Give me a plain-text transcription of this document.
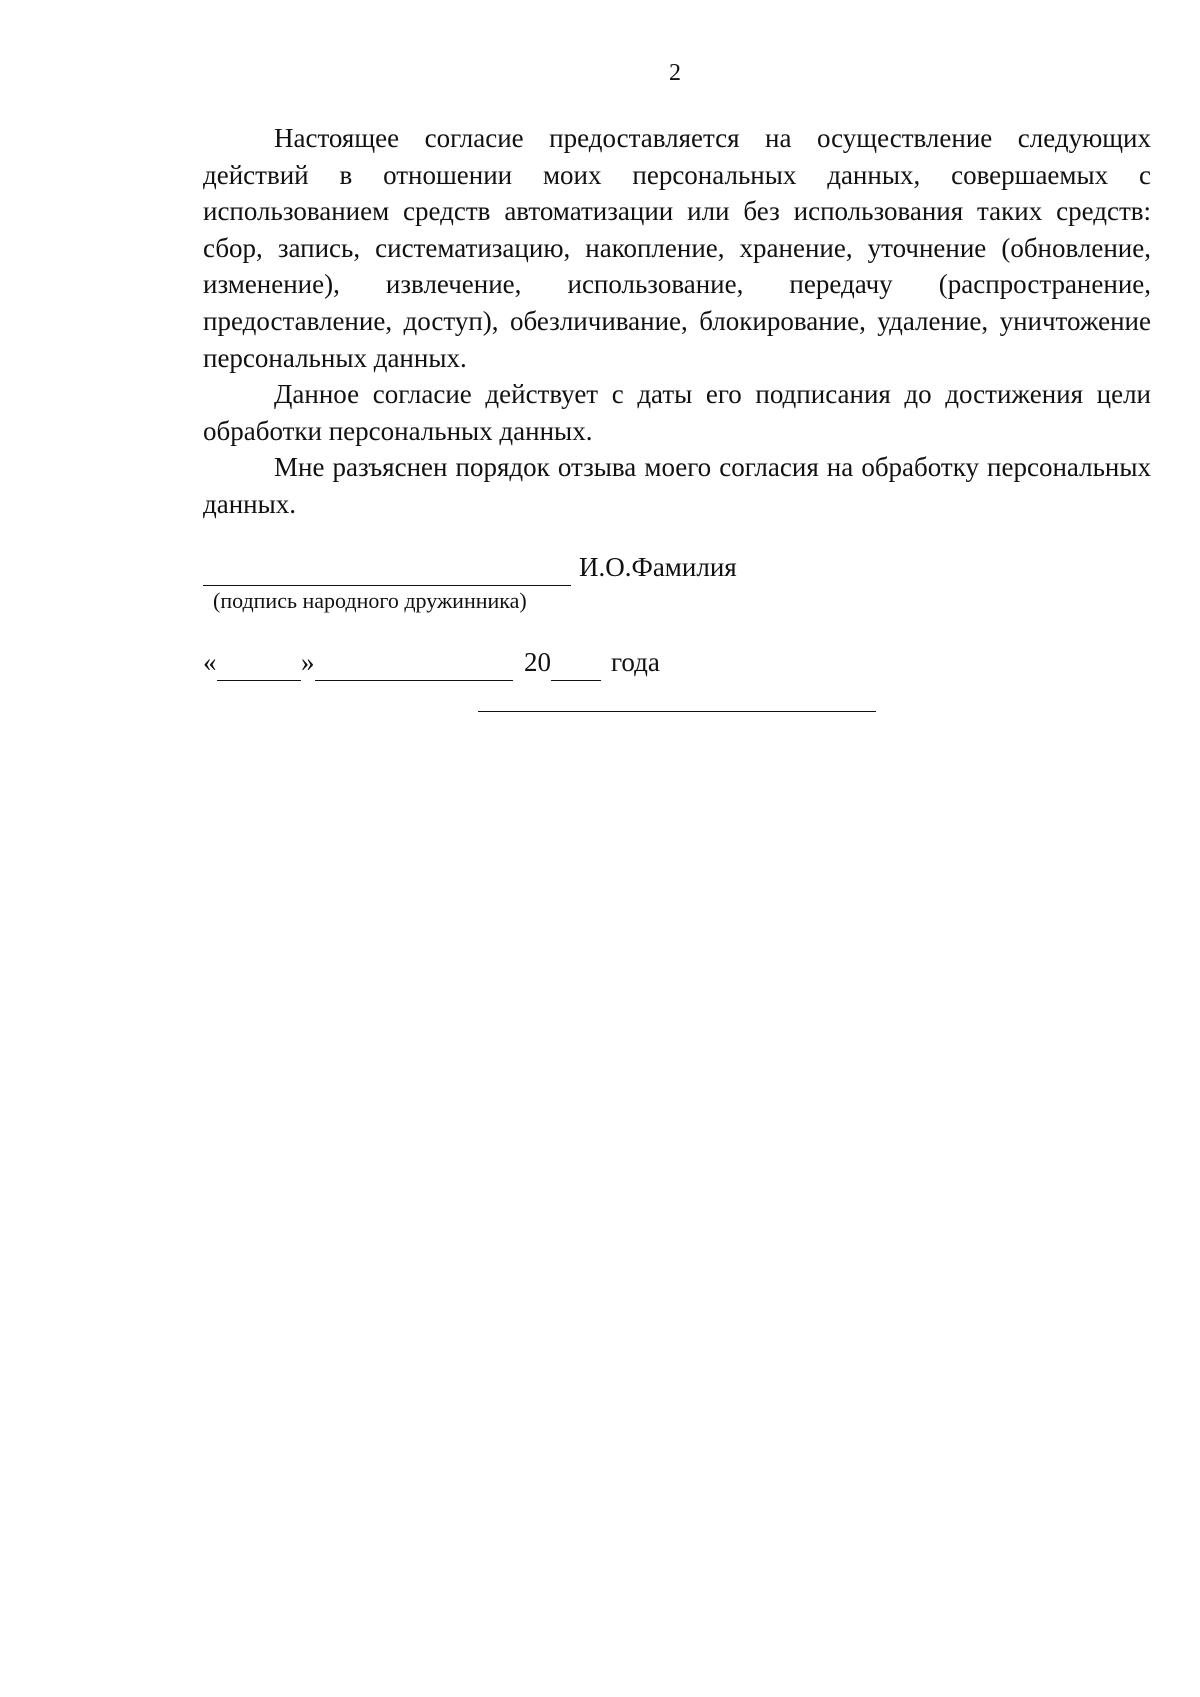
2

Настоящее согласие предоставляется на осуществление следующих действий в отношении моих персональных данных, совершаемых с использованием средств автоматизации или без использования таких средств: сбор, запись, систематизацию, накопление, хранение, уточнение (обновление, изменение), извлечение, использование, передачу (распространение, предоставление, доступ), обезличивание, блокирование, удаление, уничтожение персональных данных.

Данное согласие действует с даты его подписания до достижения цели обработки персональных данных.

Мне разъяснен порядок отзыва моего согласия на обработку персональных данных.

И.О.Фамилия
(подпись народного дружинника)
«	»	20 года
